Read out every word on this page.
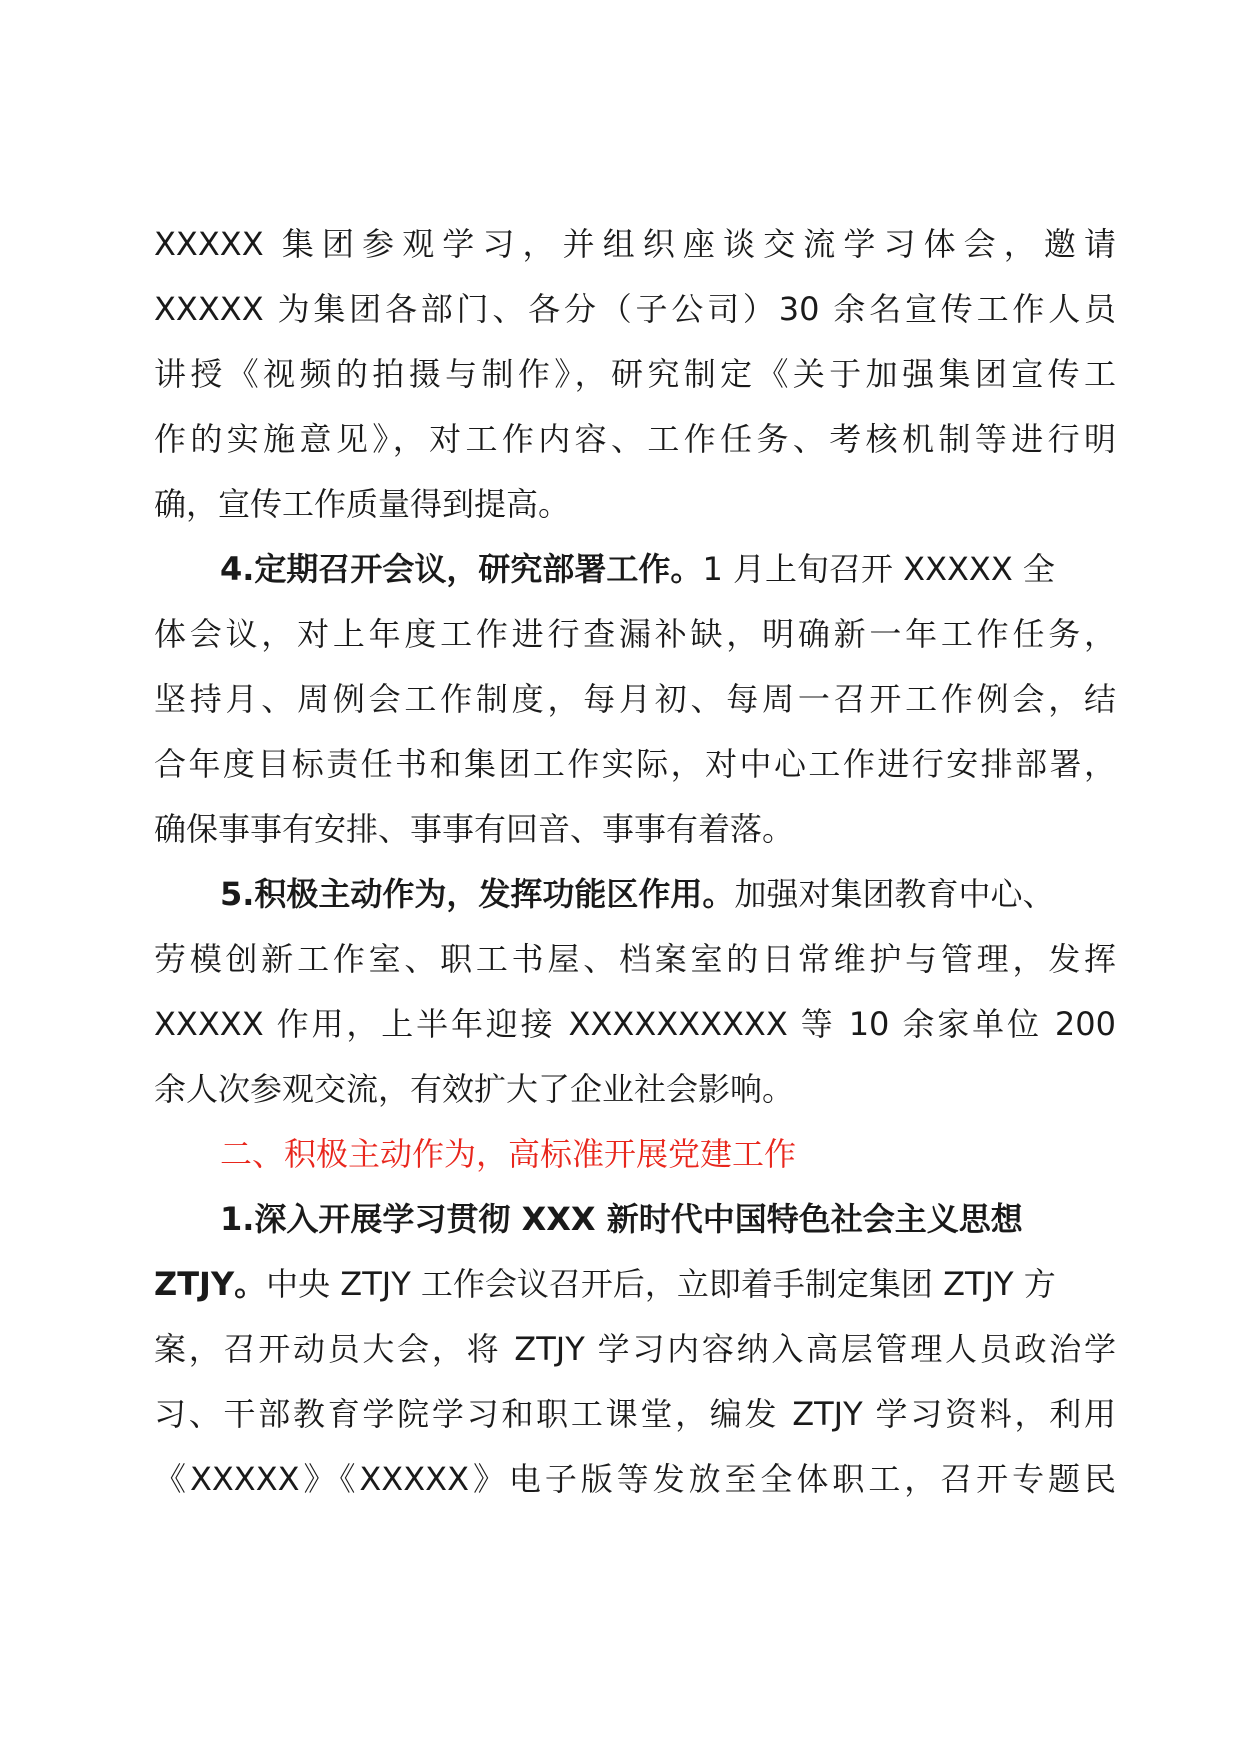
XXXXX 集团参观学习，并组织座谈交流学习体会，邀请
XXXXX 为集团各部门、各分（子公司）30 余名宣传工作人员
讲授《视频的拍摄与制作》，研究制定《关于加强集团宣传工
作的实施意见》，对工作内容、工作任务、考核机制等进行明
确，宣传工作质量得到提高。
4.定期召开会议，研究部署工作。1 月上旬召开 XXXXX 全
体会议，对上年度工作进行查漏补缺，明确新一年工作任务，
坚持月、周例会工作制度，每月初、每周一召开工作例会，结
合年度目标责任书和集团工作实际，对中心工作进行安排部署，
确保事事有安排、事事有回音、事事有着落。
5.积极主动作为，发挥功能区作用。加强对集团教育中心、
劳模创新工作室、职工书屋、档案室的日常维护与管理，发挥
XXXXX 作用，上半年迎接 XXXXXXXXXX 等 10 余家单位 200
余人次参观交流，有效扩大了企业社会影响。
二、积极主动作为，高标准开展党建工作
1.深入开展学习贯彻 XXX 新时代中国特色社会主义思想
ZTJY。中央 ZTJY 工作会议召开后，立即着手制定集团 ZTJY 方
案，召开动员大会，将 ZTJY 学习内容纳入高层管理人员政治学
习、干部教育学院学习和职工课堂，编发 ZTJY 学习资料，利用
《XXXXX》《XXXXX》电子版等发放至全体职工，召开专题民
